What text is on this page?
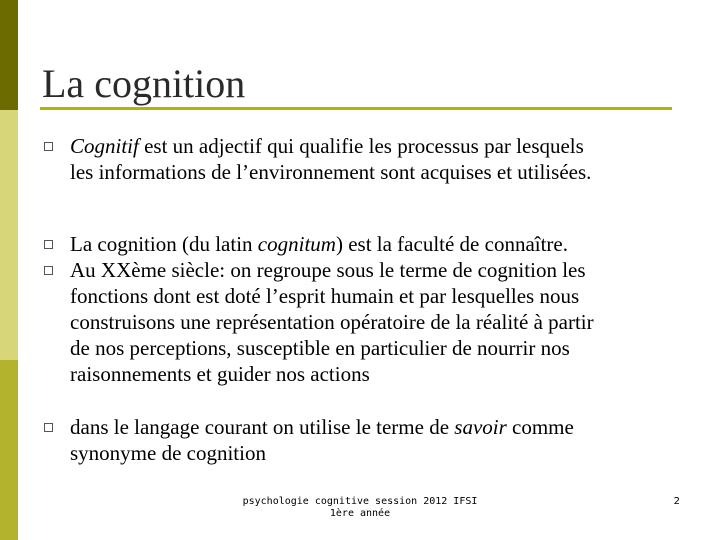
La cognition
Cognitif est un adjectif qui qualifie les processus par lesquels
les informations de l’environnement sont acquises et utilisées.
La cognition (du latin cognitum) est la faculté de connaître.
Au XXème siècle: on regroupe sous le terme de cognition les
fonctions dont est doté l’esprit humain et par lesquelles nous
construisons une représentation opératoire de la réalité à partir
de nos perceptions, susceptible en particulier de nourrir nos
raisonnements et guider nos actions
dans le langage courant on utilise le terme de savoir comme
synonyme de cognition
psychologie cognitive session 2012 IFSI
1ère année
2
